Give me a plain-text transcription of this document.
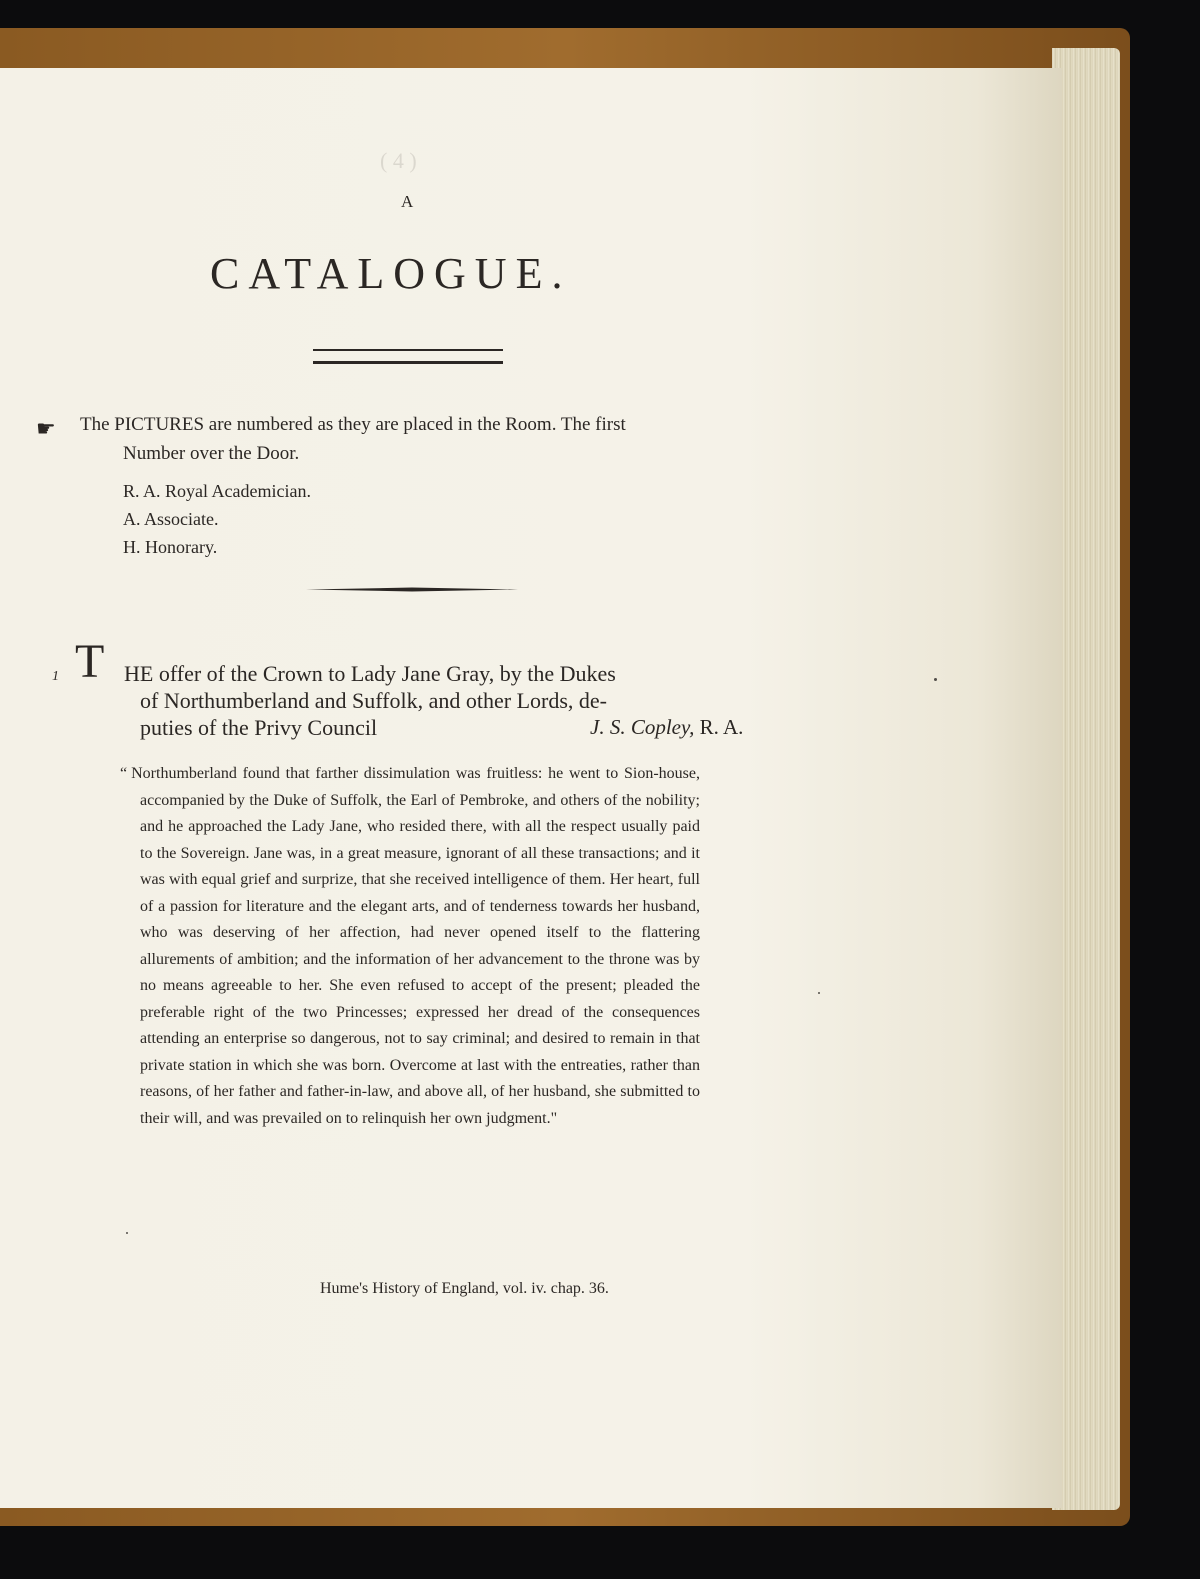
( 4 )
A
CATALOGUE.
☛ The PICTURES are numbered as they are placed in the Room. The first
Number over the Door.
R. A. Royal Academician.
A. Associate.
H. Honorary.
1 T HE offer of the Crown to Lady Jane Gray, by the Dukes
of Northumberland and Suffolk, and other Lords, de-
puties of the Privy Council	J. S. Copley, R. A.
“ Northumberland found that farther dissimulation was fruitless: he went to Sion-house, accompanied by the Duke of Suffolk, the Earl of Pembroke, and others of the nobility; and he approached the Lady Jane, who resided there, with all the respect usually paid to the Sovereign. Jane was, in a great measure, ignorant of all these transactions; and it was with equal grief and surprize, that she received intelligence of them. Her heart, full of a passion for literature and the elegant arts, and of tenderness towards her husband, who was deserving of her affection, had never opened itself to the flattering allurements of ambition; and the information of her advancement to the throne was by no means agreeable to her. She even refused to accept of the present; pleaded the preferable right of the two Princesses; expressed her dread of the consequences attending an enterprise so dangerous, not to say criminal; and desired to remain in that private station in which she was born. Overcome at last with the entreaties, rather than reasons, of her father and father-in-law, and above all, of her husband, she submitted to their will, and was prevailed on to relinquish her own judgment."
Hume's History of England, vol. iv. chap. 36.
